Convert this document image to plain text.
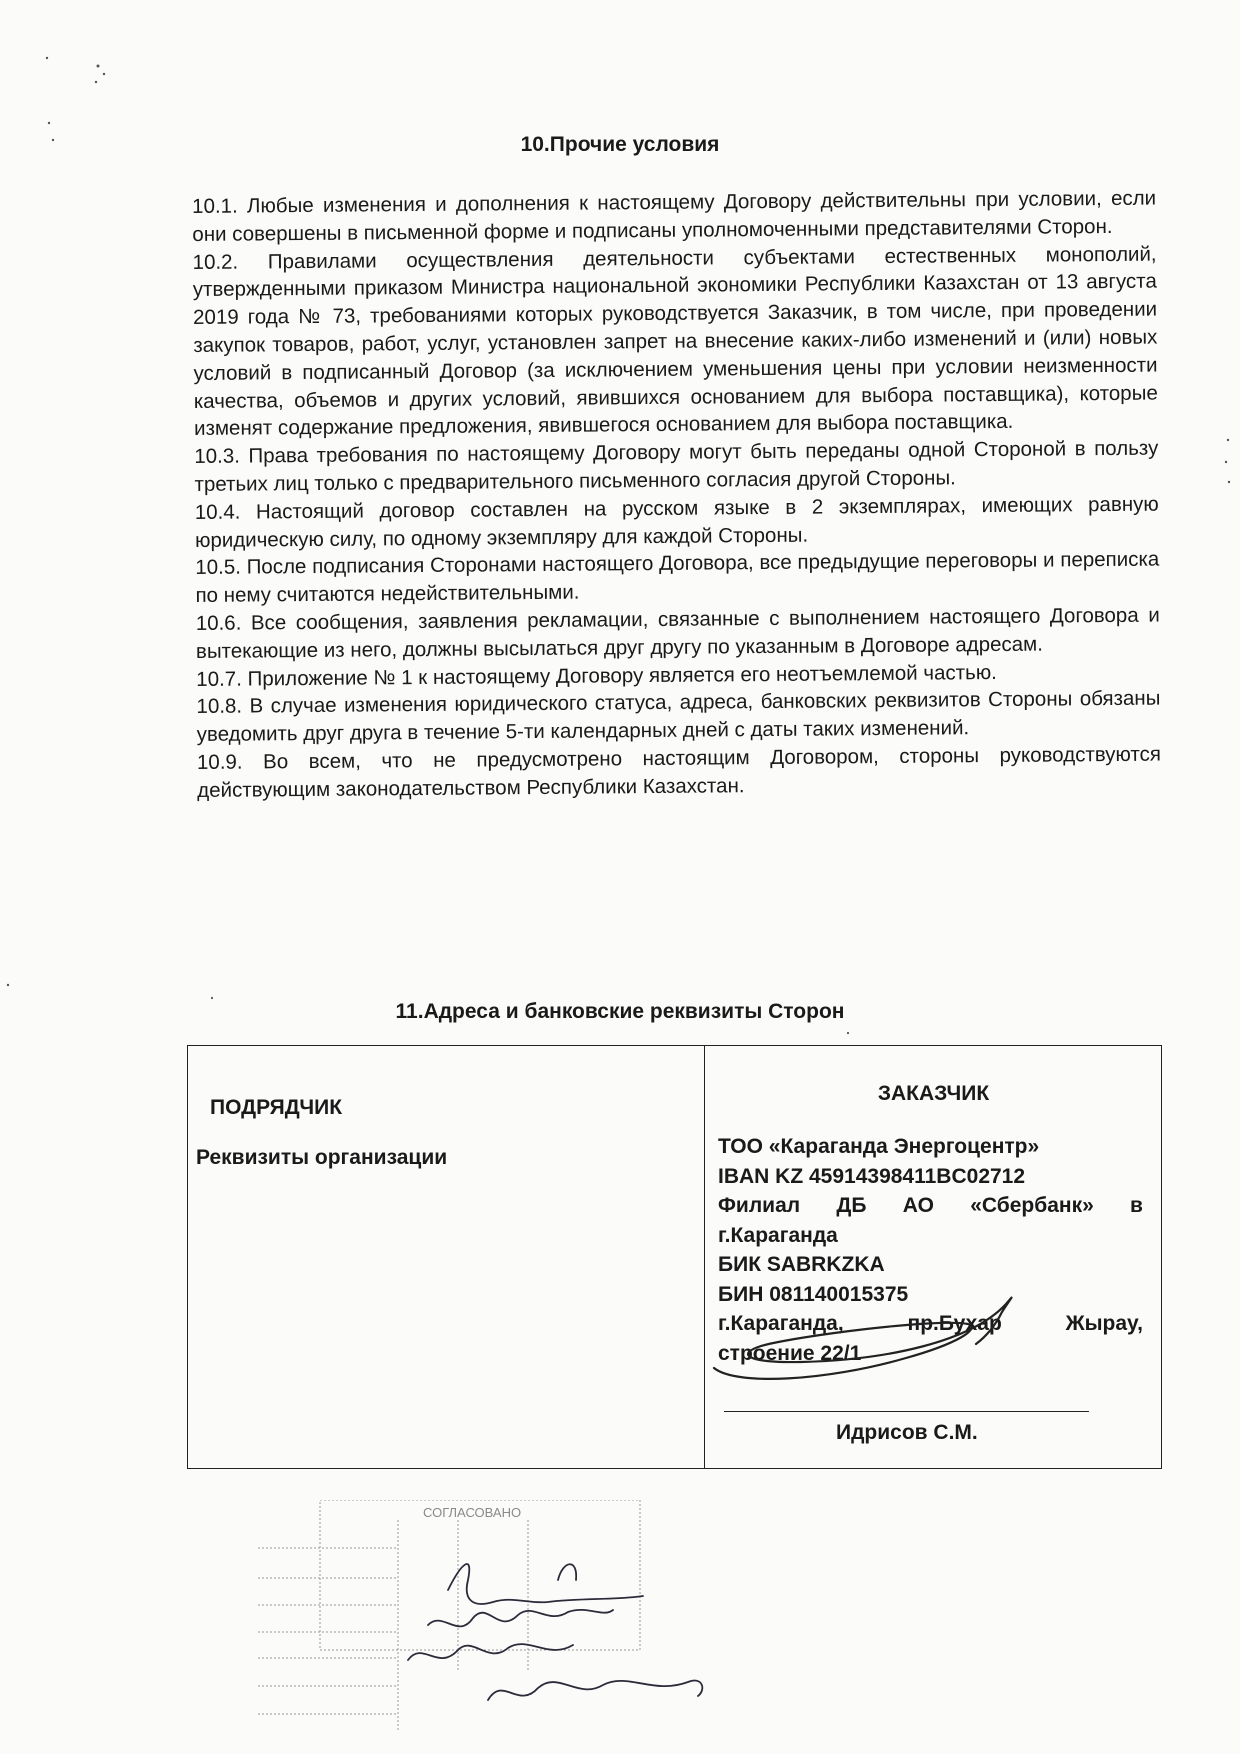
10.Прочие условия

10.1. Любые изменения и дополнения к настоящему Договору действительны при условии, если они совершены в письменной форме и подписаны уполномоченными представителями Сторон.

10.2. Правилами осуществления деятельности субъектами естественных монополий, утвержденными приказом Министра национальной экономики Республики Казахстан от 13 августа 2019 года № 73, требованиями которых руководствуется Заказчик, в том числе, при проведении закупок товаров, работ, услуг, установлен запрет на внесение каких-либо изменений и (или) новых условий в подписанный Договор (за исключением уменьшения цены при условии неизменности качества, объемов и других условий, явившихся основанием для выбора поставщика), которые изменят содержание предложения, явившегося основанием для выбора поставщика.

10.3. Права требования по настоящему Договору могут быть переданы одной Стороной в пользу третьих лиц только с предварительного письменного согласия другой Стороны.

10.4. Настоящий договор составлен на русском языке в 2 экземплярах, имеющих равную юридическую силу, по одному экземпляру для каждой Стороны.

10.5. После подписания Сторонами настоящего Договора, все предыдущие переговоры и переписка по нему считаются недействительными.

10.6. Все сообщения, заявления рекламации, связанные с выполнением настоящего Договора и вытекающие из него, должны высылаться друг другу по указанным в Договоре адресам.

10.7. Приложение № 1 к настоящему Договору является его неотъемлемой частью.

10.8. В случае изменения юридического статуса, адреса, банковских реквизитов Стороны обязаны уведомить друг друга в течение 5-ти календарных дней с даты таких изменений.

10.9. Во всем, что не предусмотрено настоящим Договором, стороны руководствуются действующим законодательством Республики Казахстан.

11.Адреса и банковские реквизиты Сторон
ПОДРЯДЧИК
Реквизиты организации
ЗАКАЗЧИК
ТОО «Караганда Энергоцентр»
IBAN KZ 45914398411BC02712
Филиал ДБ АО «Сбербанк» в
г.Караганда
БИК SABRKZKA
БИН 081140015375
г.Караганда,	пр.Бухар	Жырау,
строение 22/1
Идрисов С.М.
СОГЛАСОВАНО
